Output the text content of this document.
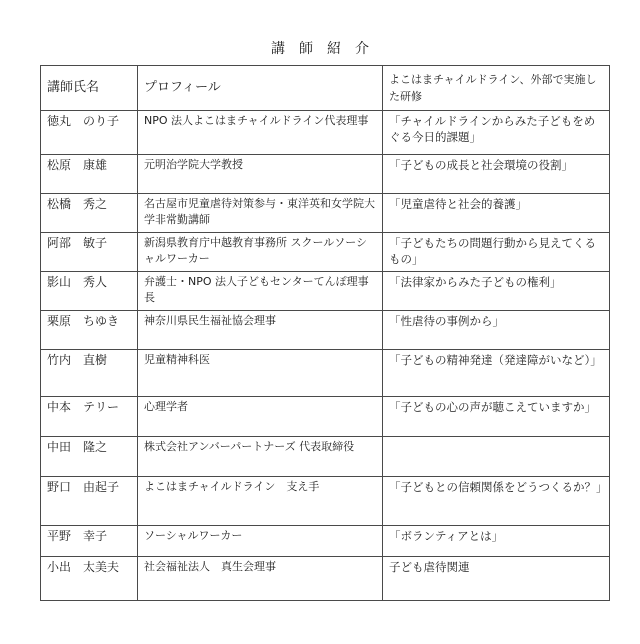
講師紹介
講師氏名	プロフィール	よこはまチャイルドライン、外部で実施した研修
徳丸　のり子	NPO 法人よこはまチャイルドライン代表理事	「チャイルドラインからみた子どもをめぐる今日的課題」
松原　康雄	元明治学院大学教授	「子どもの成長と社会環境の役割」
松橋　秀之	名古屋市児童虐待対策参与・東洋英和女学院大学非常勤講師	「児童虐待と社会的養護」
阿部　敏子	新潟県教育庁中越教育事務所 スクールソーシャルワーカー	「子どもたちの問題行動から見えてくるもの」
影山　秀人	弁護士・NPO 法人子どもセンターてんぽ理事長	「法律家からみた子どもの権利」
栗原　ちゆき	神奈川県民生福祉協会理事	「性虐待の事例から」
竹内　直樹	児童精神科医	「子どもの精神発達（発達障がいなど）」
中本　テリー	心理学者	「子どもの心の声が聴こえていますか」
中田　隆之	株式会社アンバーパートナーズ 代表取締役	
野口　由起子	よこはまチャイルドライン　支え手	「子どもとの信頼関係をどうつくるか？」
平野　幸子	ソーシャルワーカー	「ボランティアとは」
小出　太美夫	社会福祉法人　真生会理事	子ども虐待関連
